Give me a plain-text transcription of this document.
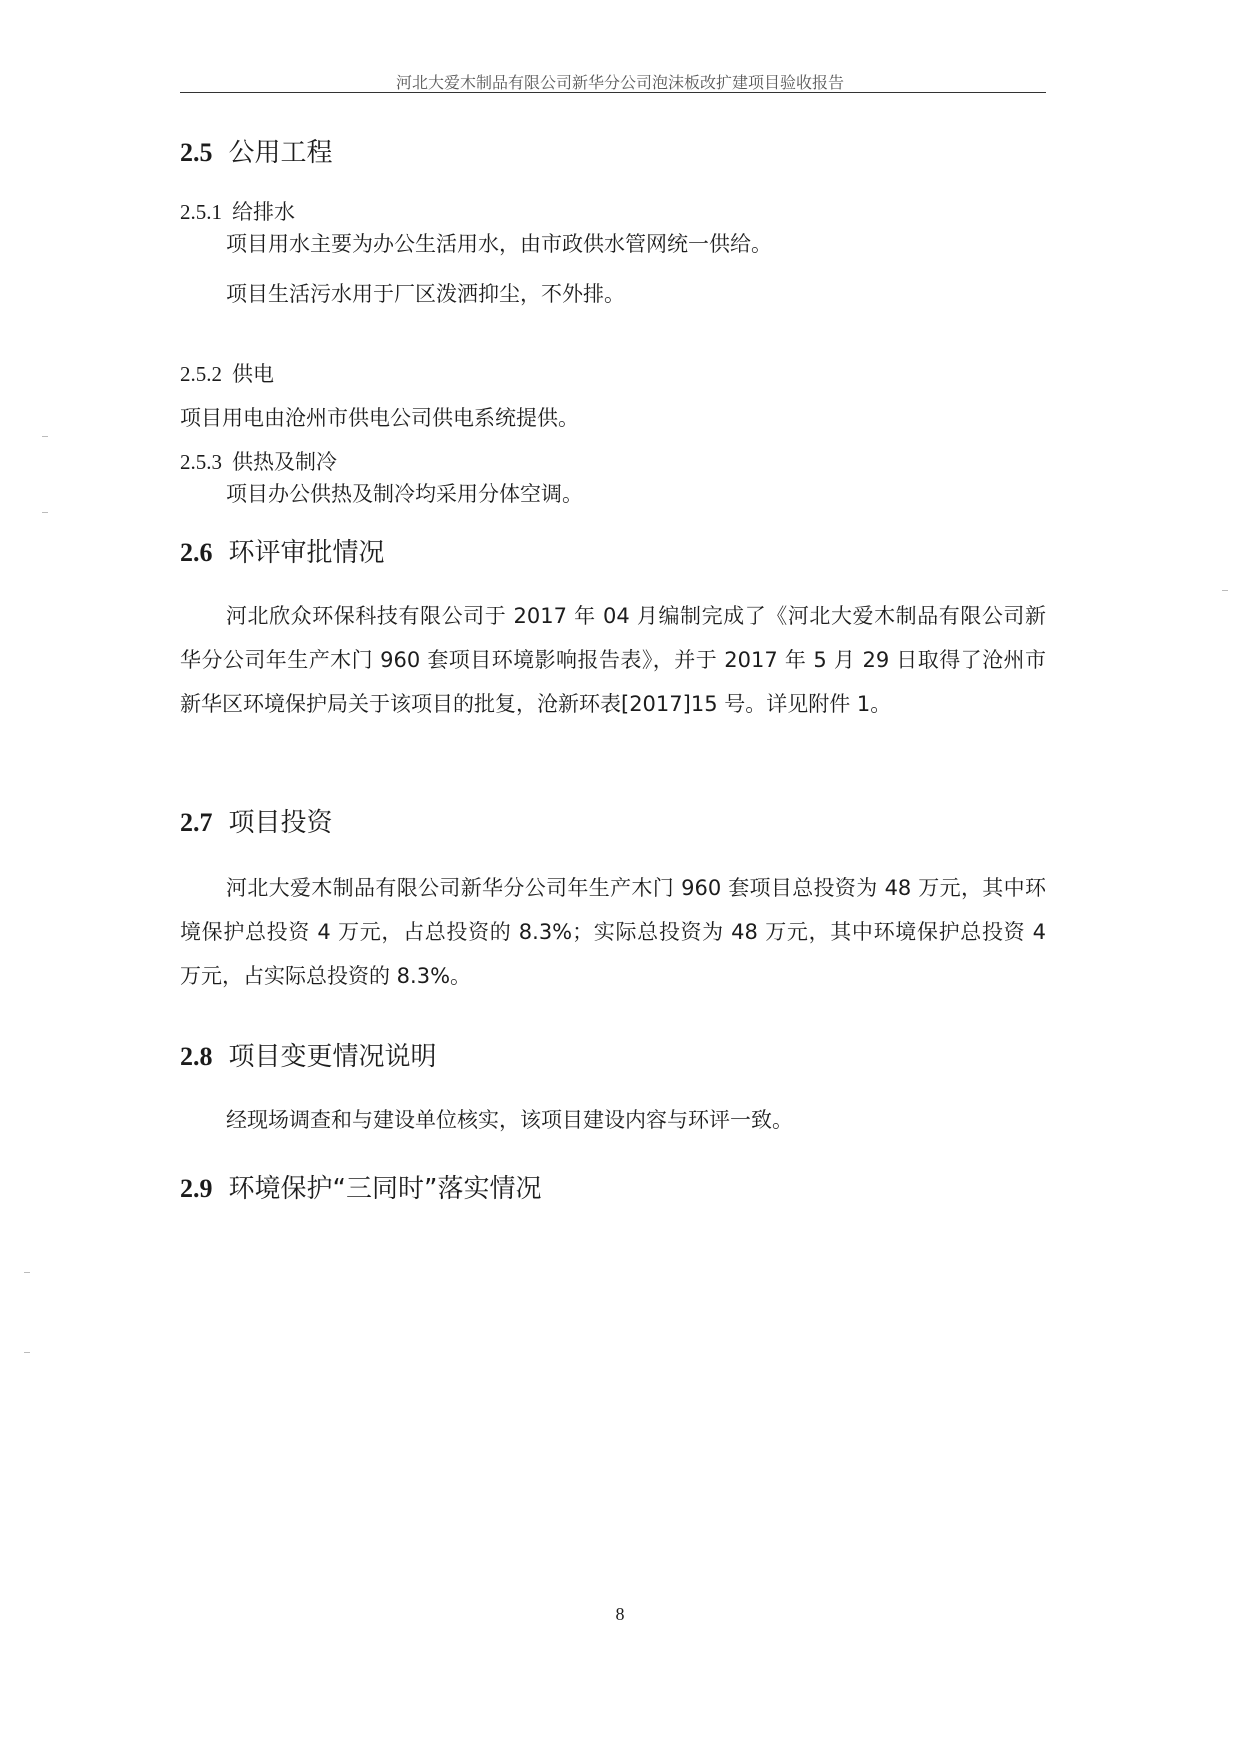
河北大爱木制品有限公司新华分公司泡沫板改扩建项目验收报告
2.5 公用工程
2.5.1 给排水
项目用水主要为办公生活用水，由市政供水管网统一供给。
项目生活污水用于厂区泼洒抑尘，不外排。
2.5.2 供电
项目用电由沧州市供电公司供电系统提供。
2.5.3 供热及制冷
项目办公供热及制冷均采用分体空调。
2.6 环评审批情况
河北欣众环保科技有限公司于 2017 年 04 月编制完成了《河北大爱木制品有限公司新华分公司年生产木门 960 套项目环境影响报告表》，并于 2017 年 5 月 29 日取得了沧州市新华区环境保护局关于该项目的批复，沧新环表[2017]15 号。详见附件 1。
2.7 项目投资
河北大爱木制品有限公司新华分公司年生产木门 960 套项目总投资为 48 万元，其中环境保护总投资 4 万元，占总投资的 8.3%；实际总投资为 48 万元，其中环境保护总投资 4 万元，占实际总投资的 8.3%。
2.8 项目变更情况说明
经现场调查和与建设单位核实，该项目建设内容与环评一致。
2.9 环境保护“三同时”落实情况
8
